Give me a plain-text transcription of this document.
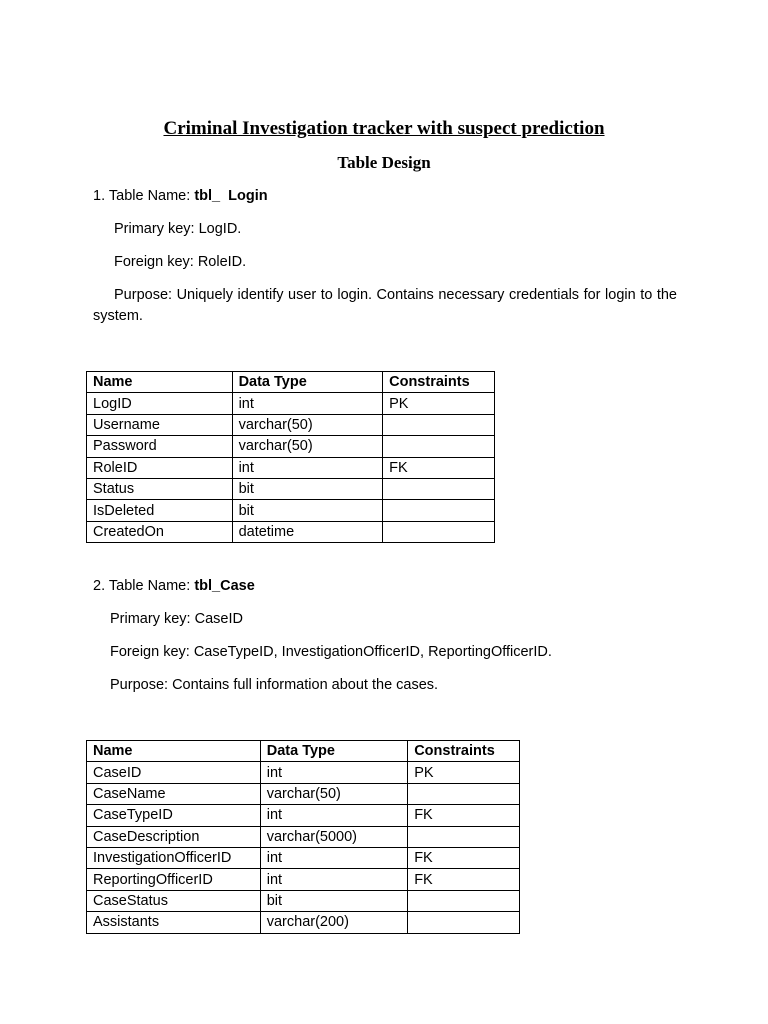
Criminal Investigation tracker with suspect prediction
Table Design
1. Table Name: tbl_  Login
Primary key: LogID.
Foreign key: RoleID.
Purpose: Uniquely identify user to login. Contains necessary credentials for login to the system.
Name	Data Type	Constraints
LogID	int	PK
Username	varchar(50)	
Password	varchar(50)	
RoleID	int	FK
Status	bit	
IsDeleted	bit	
CreatedOn	datetime	
2. Table Name: tbl_Case
Primary key: CaseID
Foreign key: CaseTypeID, InvestigationOfficerID, ReportingOfficerID.
Purpose: Contains full information about the cases.
Name	Data Type	Constraints
CaseID	int	PK
CaseName	varchar(50)	
CaseTypeID	int	FK
CaseDescription	varchar(5000)	
InvestigationOfficerID	int	FK
ReportingOfficerID	int	FK
CaseStatus	bit	
Assistants	varchar(200)	
